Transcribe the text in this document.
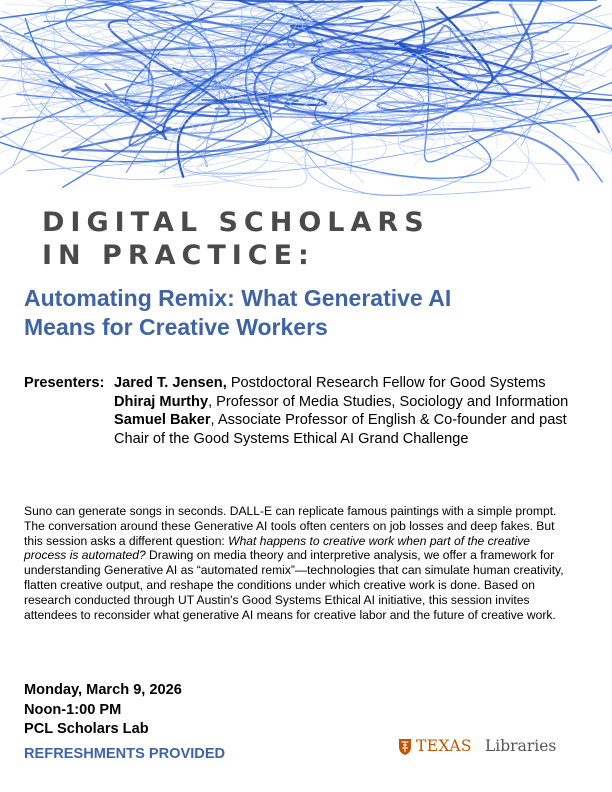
DIGITAL SCHOLARS
IN PRACTICE:
Automating Remix: What Generative AI
Means for Creative Workers
Presenters: Jared T. Jensen, Postdoctoral Research Fellow for Good Systems
Dhiraj Murthy, Professor of Media Studies, Sociology and Information
Samuel Baker, Associate Professor of English & Co-founder and past Chair of the Good Systems Ethical AI Grand Challenge
Suno can generate songs in seconds. DALL-E can replicate famous paintings with a simple prompt. The conversation around these Generative AI tools often centers on job losses and deep fakes. But this session asks a different question: What happens to creative work when part of the creative process is automated? Drawing on media theory and interpretive analysis, we offer a framework for understanding Generative AI as “automated remix”—technologies that can simulate human creativity, flatten creative output, and reshape the conditions under which creative work is done. Based on research conducted through UT Austin's Good Systems Ethical AI initiative, this session invites attendees to reconsider what generative AI means for creative labor and the future of creative work.
Monday, March 9, 2026
Noon-1:00 PM
PCL Scholars Lab
REFRESHMENTS PROVIDED	TEXAS Libraries
